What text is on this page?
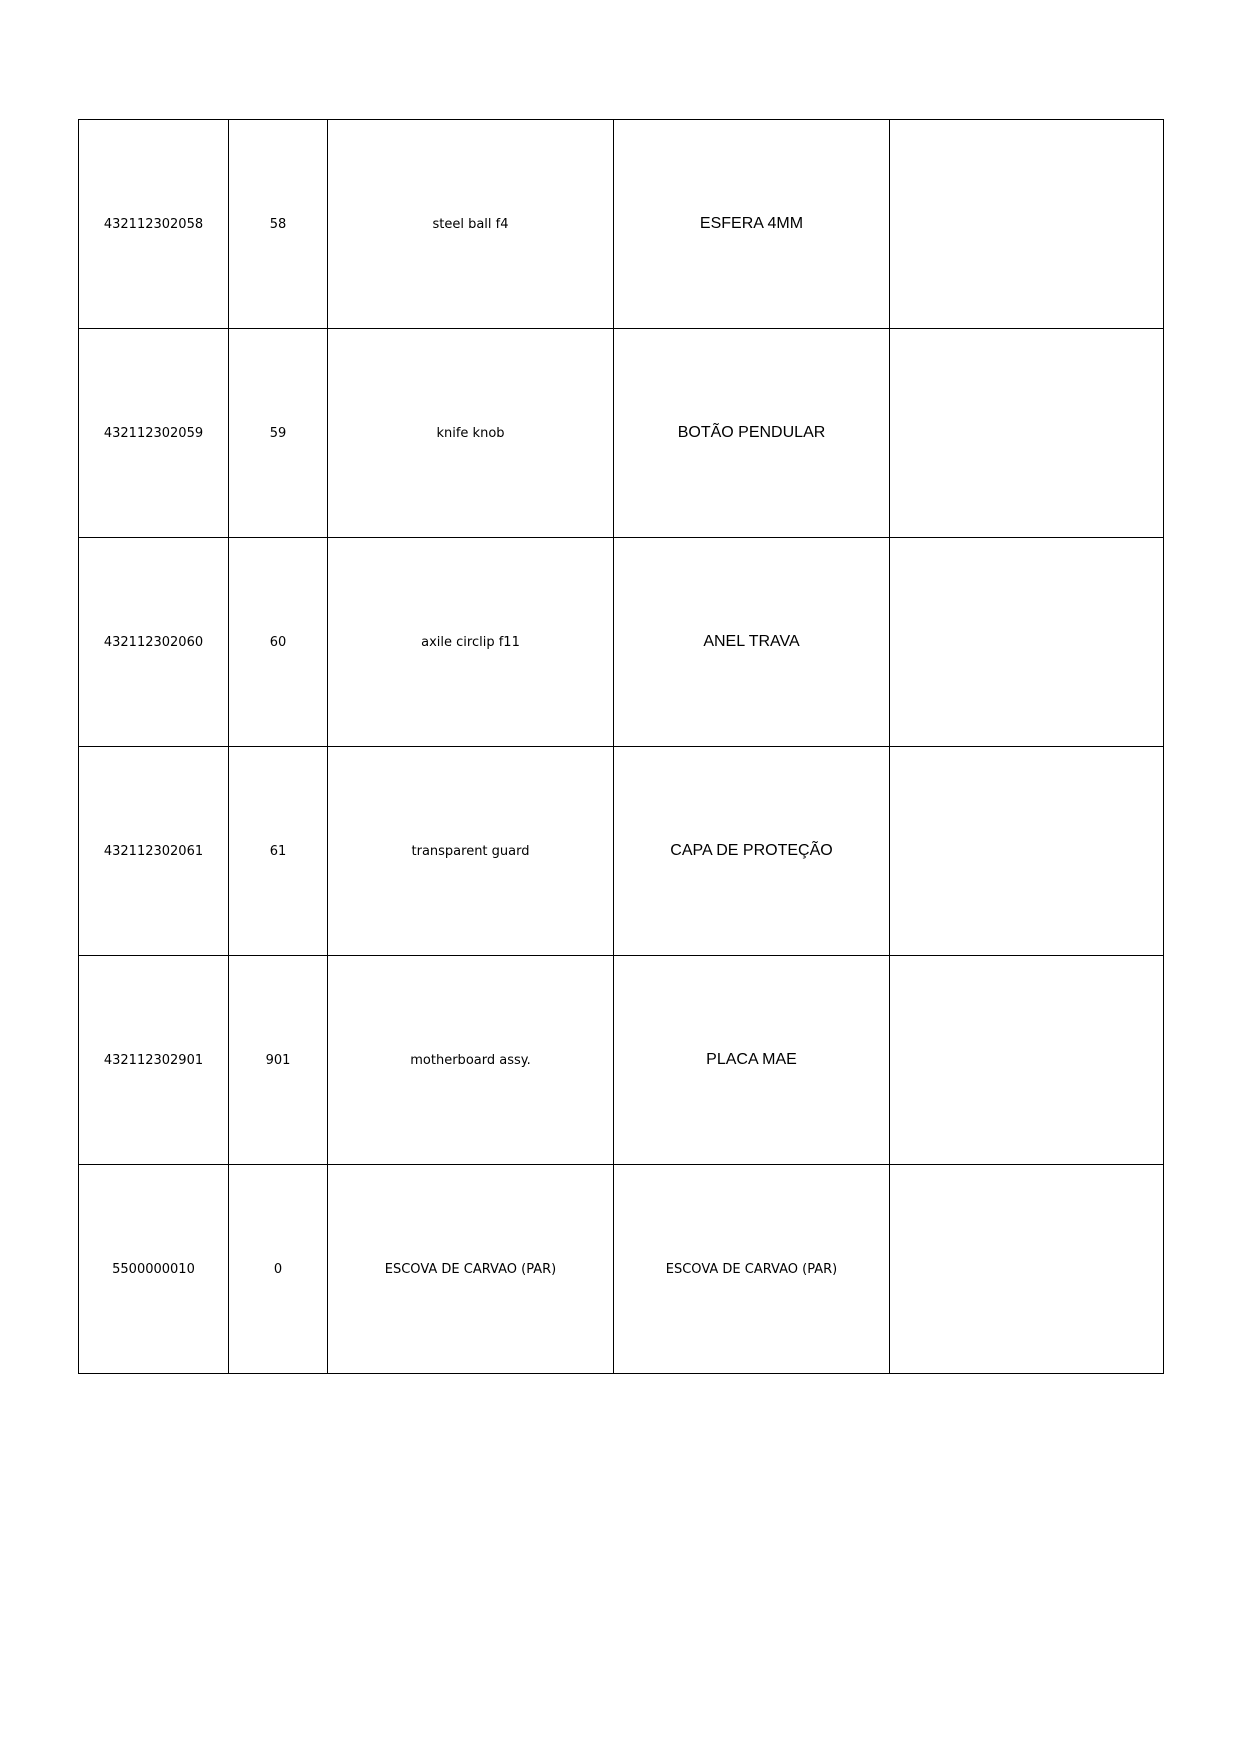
432112302058	58	steel ball f4	ESFERA 4MM	
432112302059	59	knife knob	BOTÃO PENDULAR	
432112302060	60	axile circlip f11	ANEL TRAVA	
432112302061	61	transparent guard	CAPA DE PROTEÇÃO	
432112302901	901	motherboard assy.	PLACA MAE	
5500000010	0	ESCOVA DE CARVAO (PAR)	ESCOVA DE CARVAO (PAR)	
